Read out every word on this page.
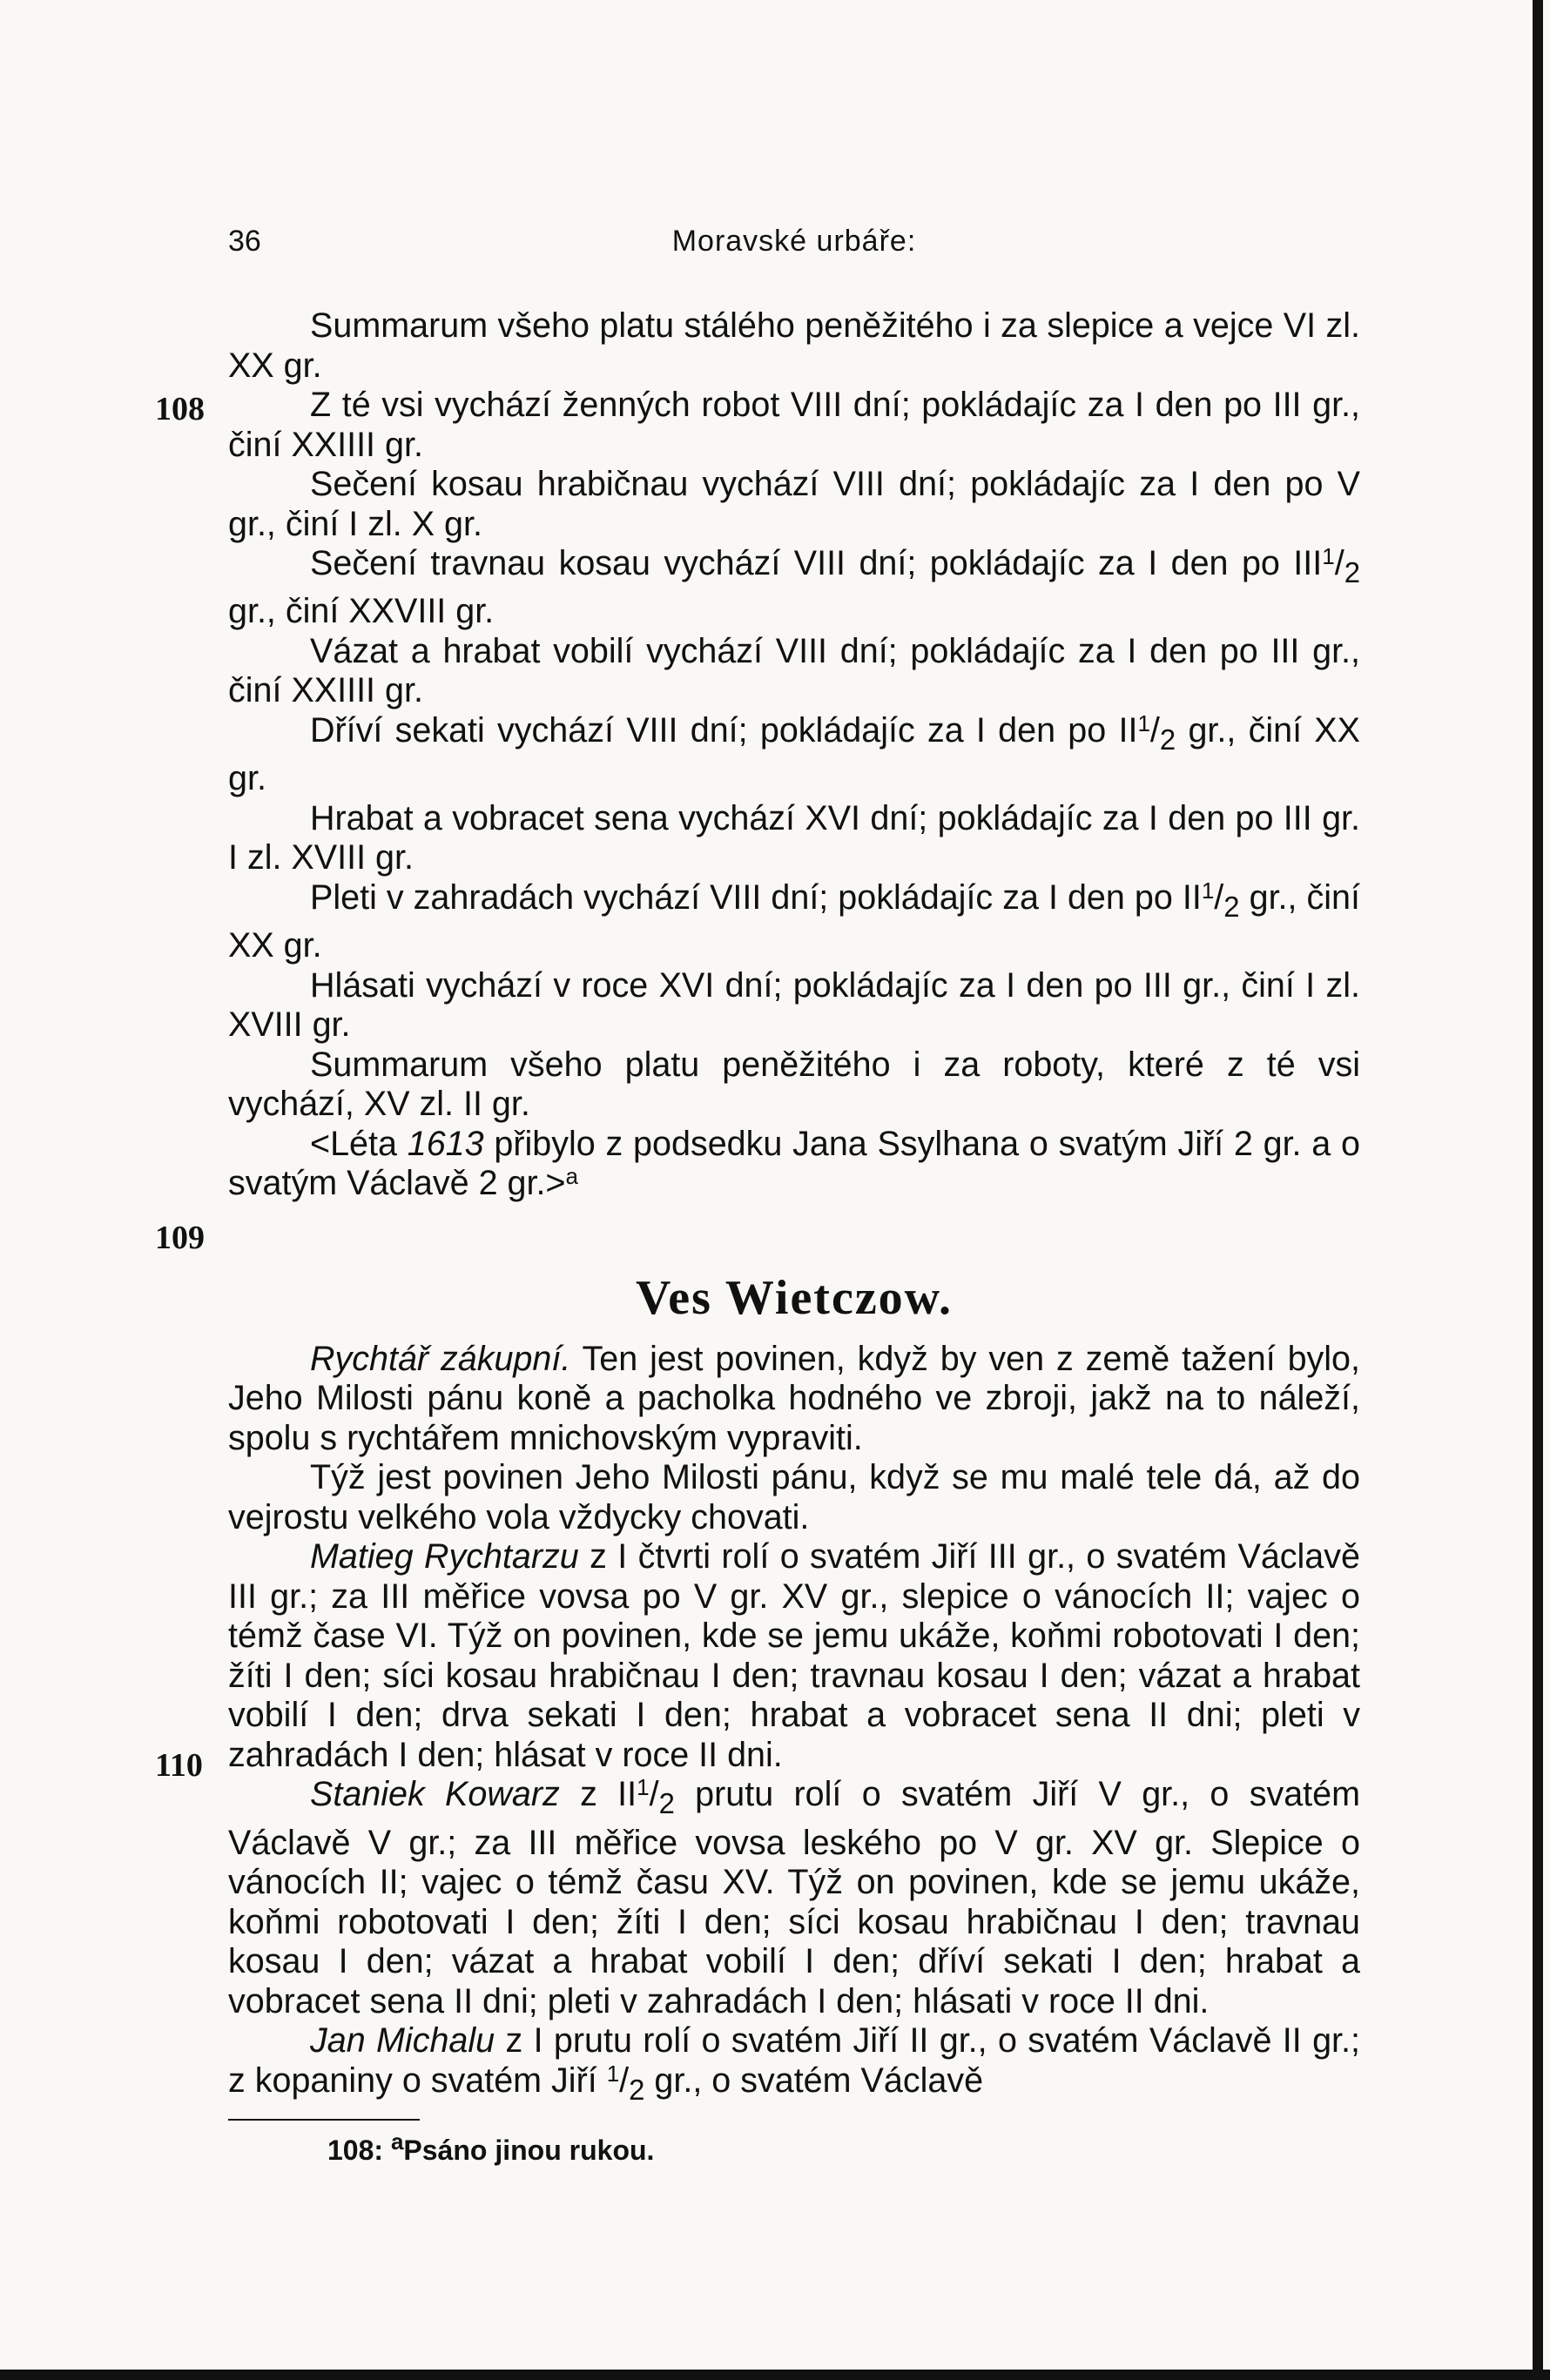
36	Moravské urbáře:
108
109
110

Summarum všeho platu stálého peněžitého i za slepice a vejce VI zl. XX gr.

Z té vsi vychází ženných robot VIII dní; pokládajíc za I den po III gr., činí XXIIII gr.

Sečení kosau hrabičnau vychází VIII dní; pokládajíc za I den po V gr., činí I zl. X gr.

Sečení travnau kosau vychází VIII dní; pokládajíc za I den po $III^1/_2$ gr., činí XXVIII gr.

Vázat a hrabat vobilí vychází VIII dní; pokládajíc za I den po III gr., činí XXIIII gr.

Dříví sekati vychází VIII dní; pokládajíc za I den po $II^1/_2$ gr., činí XX gr.

Hrabat a vobracet sena vychází XVI dní; pokládajíc za I den po III gr. I zl. XVIII gr.

Pleti v zahradách vychází VIII dní; pokládajíc za I den po $II^1/_2$ gr., činí XX gr.

Hlásati vychází v roce XVI dní; pokládajíc za I den po III gr., činí I zl. XVIII gr.

Summarum všeho platu peněžitého i za roboty, které z té vsi vychází, XV zl. II gr.

<Léta 1613 přibylo z podsedku Jana Ssylhana o svatým Jiří 2 gr. a o svatým Václavě 2 gr.>$^a$

Ves Wietczow.

Rychtář zákupní. Ten jest povinen, když by ven z země tažení bylo, Jeho Milosti pánu koně a pacholka hodného ve zbroji, jakž na to náleží, spolu s rychtářem mnichovským vypraviti.

Týž jest povinen Jeho Milosti pánu, když se mu malé tele dá, až do vejrostu velkého vola vždycky chovati.

Matieg Rychtarzu z I čtvrti rolí o svatém Jiří III gr., o svatém Václavě III gr.; za III měřice vovsa po V gr. XV gr., slepice o vánocích II; vajec o témž čase VI. Týž on povinen, kde se jemu ukáže, koňmi robotovati I den; žíti I den; síci kosau hrabičnau I den; travnau kosau I den; vázat a hrabat vobilí I den; drva sekati I den; hrabat a vobracet sena II dni; pleti v zahradách I den; hlásat v roce II dni.

Staniek Kowarz z $II^1/_2$ prutu rolí o svatém Jiří V gr., o svatém Václavě V gr.; za III měřice vovsa leského po V gr. XV gr. Slepice o vánocích II; vajec o témž času XV. Týž on povinen, kde se jemu ukáže, koňmi robotovati I den; žíti I den; síci kosau hrabičnau I den; travnau kosau I den; vázat a hrabat vobilí I den; dříví sekati I den; hrabat a vobracet sena II dni; pleti v zahradách I den; hlásati v roce II dni.

Jan Michalu z I prutu rolí o svatém Jiří II gr., o svatém Václavě II gr.; z kopaniny o svatém Jiří $^1/_2$ gr., o svatém Václavě

108: $^a$Psáno jinou rukou.
